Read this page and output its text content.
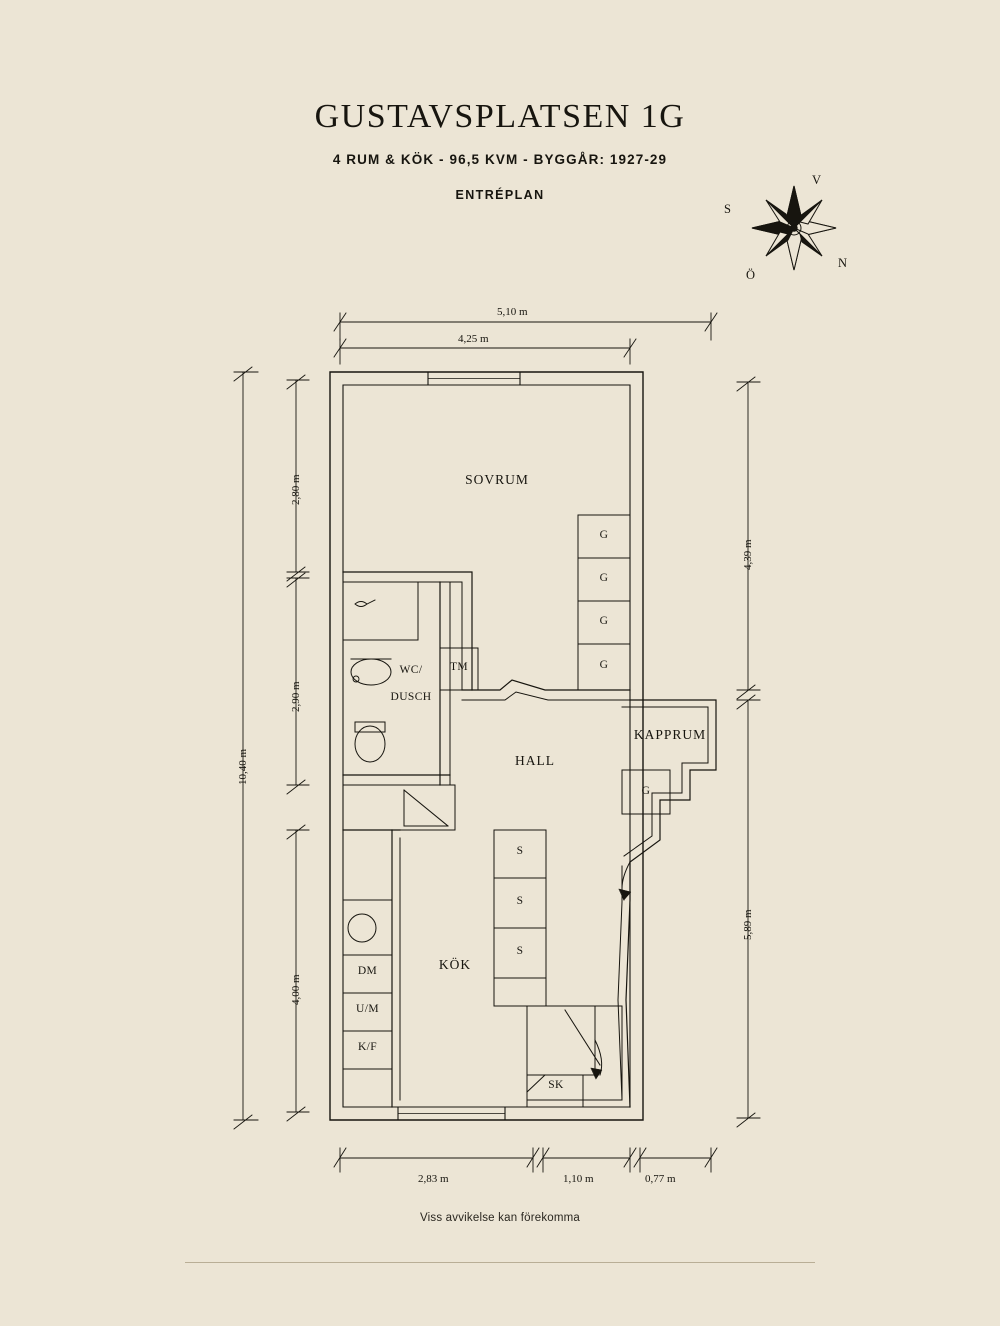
GUSTAVSPLATSEN 1G
4 RUM & KÖK - 96,5 KVM - BYGGÅR: 1927-29
ENTRÉPLAN
V
N
Ö
S
SOVRUM
HALL
KAPPRUM
KÖK
WC/
DUSCH
G
G
G
G
G
TM
S
S
S
DM
U/M
K/F
SK
5,10 m
4,25 m
2,80 m
2,90 m
10,40 m
4,00 m
4,39 m
5,89 m
2,83 m	1,10 m	0,77 m
Viss avvikelse kan förekomma
